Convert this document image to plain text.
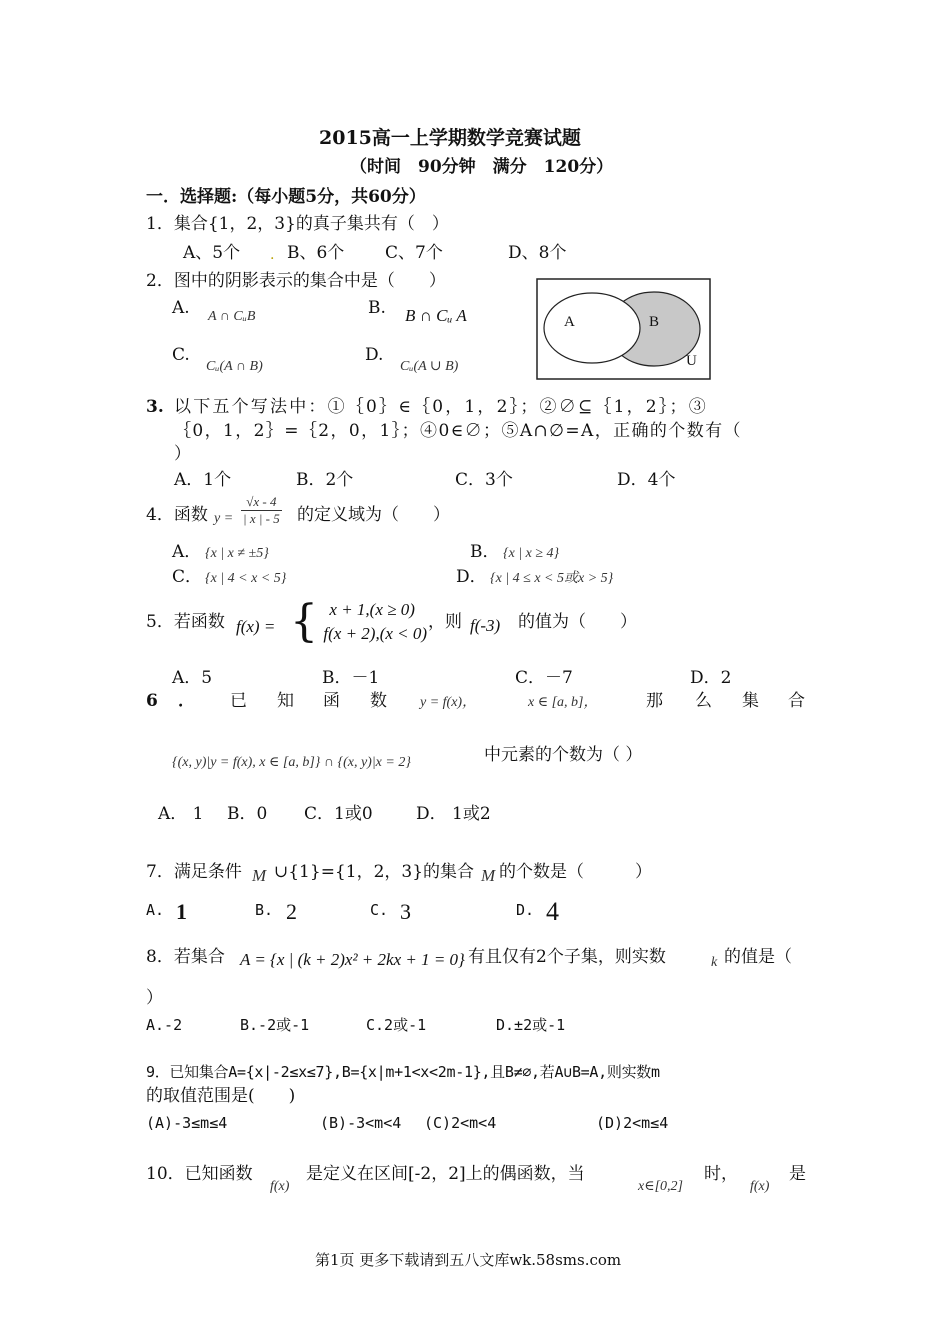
2015高一上学期数学竞赛试题
（时间　90分钟　满分　120分）
一．选择题:（每小题5分，共60分）
1．集合{1，2，3}的真子集共有（　）
A、5个 . B、6个 C、7个	D、8个
2．图中的阴影表示的集合中是（　　）
A. A ∩ CᵤB	B. B ∩ Cᵤ A
C.
Cᵤ(A ∩ B)
D.
Cᵤ(A ∪ B)
A	B
U
3. 以下五个写法中：①｛0｝∈｛0，1，2｝；②∅⊆｛1，2｝；③
｛0，1，2｝=｛2，0，1｝；④0∈∅；⑤A∩∅=A，正确的个数有（
）
A．1个	B．2个	C．3个	D．4个
4．函数 $y = \frac{√x - 4}{| x | - 5}$ 的定义域为（　　）
A． {x | x ≠ ±5}	B． {x | x ≥ 4}
C． {x | 4 < x < 5}	D． {x | 4 ≤ x < 5或x > 5}
5．若函数 f(x) = { x + 1,(x ≥ 0)
f(x + 2),(x < 0)
，则 f(-3) 的值为（　　）
A．5	B．－1	C．－7	D．2
6 ． 已 知 函 数 y = f(x)，	x ∈ [a, b]，	那 么 集 合
{(x, y)|y = f(x), x ∈ [a, b]} ∩ {(x, y)|x = 2}	中元素的个数为（ ）
A． 1 B．0 C．1或0	D． 1或2
7．满足条件 M ∪{1}={1，2，3}的集合 M 的个数是（　　　）
A. 1	B. 2	C. 3	D. 4
8．若集合 A = {x | (k + 2)x² + 2kx + 1 = 0} 有且仅有2个子集，则实数	k 的值是（
）
A.-2	B.-2或-1	C.2或-1	D.±2或-1
9．已知集合A={x|-2≤x≤7},B={x|m+1<x<2m-1},且B≠∅,若A∪B=A,则实数m
的取值范围是(　　)
(A)-3≤m≤4	(B)-3<m<4 (C)2<m<4	(D)2<m≤4
10．已知函数
f(x)
是定义在区间[-2，2]上的偶函数，当
x∈[0,2]
时，
f(x)
是
第1页 更多下载请到五八文库wk.58sms.com
